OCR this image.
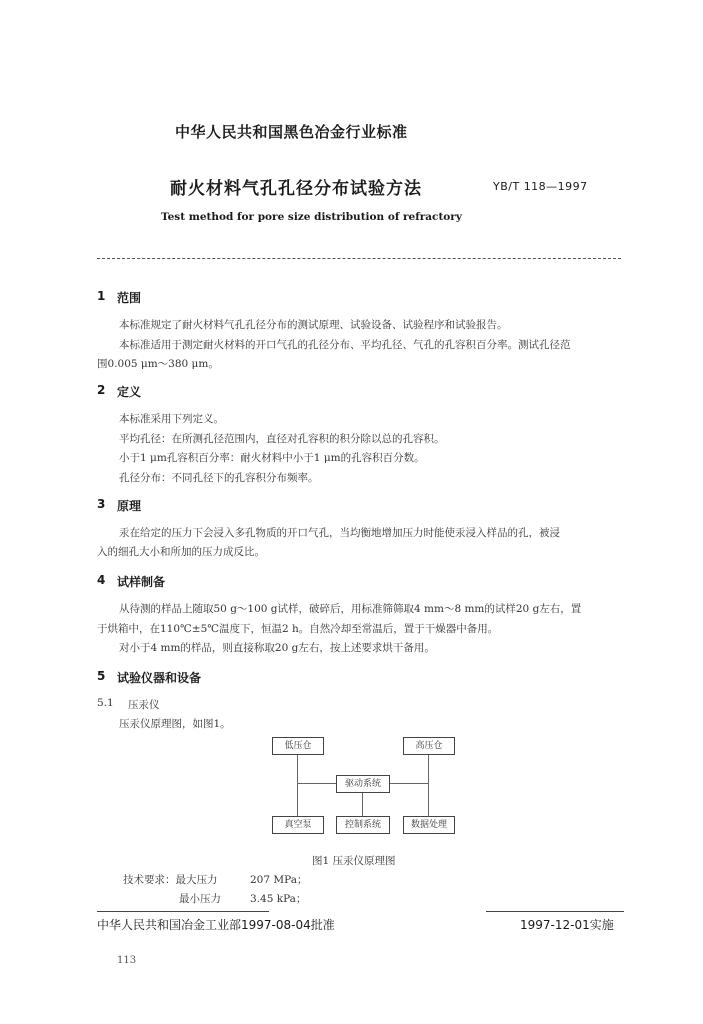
中华人民共和国黑色冶金行业标准
耐火材料气孔孔径分布试验方法	YB/T 118—1997
Test method for pore size distribution of refractory
1 范围
本标准规定了耐火材料气孔孔径分布的测试原理、试验设备、试验程序和试验报告。
本标准适用于测定耐火材料的开口气孔的孔径分布、平均孔径、气孔的孔容积百分率。测试孔径范
围0.005 μm～380 μm。
2 定义
本标准采用下列定义。
平均孔径：在所测孔径范围内，直径对孔容积的积分除以总的孔容积。
小于1 μm孔容积百分率：耐火材料中小于1 μm的孔容积百分数。
孔径分布：不同孔径下的孔容积分布频率。
3 原理
汞在给定的压力下会浸入多孔物质的开口气孔，当均衡地增加压力时能使汞浸入样品的孔，被浸
入的细孔大小和所加的压力成反比。
4 试样制备
从待测的样品上随取50 g～100 g试样，破碎后，用标准筛筛取4 mm～8 mm的试样20 g左右，置
于烘箱中，在110℃±5℃温度下，恒温2 h。自然冷却至常温后，置于干燥器中备用。
对小于4 mm的样品，则直接称取20 g左右，按上述要求烘干备用。
5 试验仪器和设备
5.1 压汞仪
压汞仪原理图，如图1。
低压仓	高压仓
驱动系统
真空泵	控制系统	数据处理
图1 压汞仪原理图
技术要求：最大压力	207 MPa；
最小压力	3.45 kPa；
中华人民共和国冶金工业部1997-08-04批准	1997-12-01实施
113
